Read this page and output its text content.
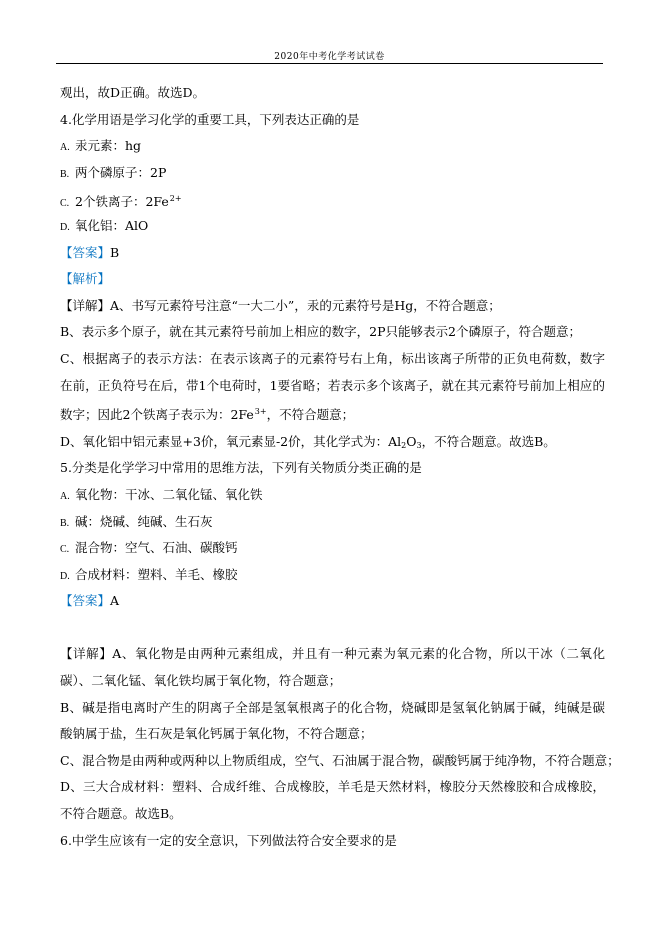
2020年中考化学考试试卷
观出，故D正确。故选D。
4.化学用语是学习化学的重要工具，下列表达正确的是
A. 汞元素：hg
B. 两个磷原子：2P
C. 2个铁离子：$2Fe^{2+}$
D. 氧化铝：AlO
【答案】B
【解析】
【详解】A、书写元素符号注意“一大二小”，汞的元素符号是Hg，不符合题意；
B、表示多个原子，就在其元素符号前加上相应的数字，2P只能够表示2个磷原子，符合题意；
C、根据离子的表示方法：在表示该离子的元素符号右上角，标出该离子所带的正负电荷数，数字在前，正负符号在后，带1个电荷时，1要省略；若表示多个该离子，就在其元素符号前加上相应的数字；因此2个铁离子表示为：$2Fe^{3+}$，不符合题意；
D、氧化铝中铝元素显+3价，氧元素显-2价，其化学式为：$Al_2O_3$，不符合题意。故选B。
5.分类是化学学习中常用的思维方法，下列有关物质分类正确的是
A. 氧化物：干冰、二氧化锰、氧化铁
B. 碱：烧碱、纯碱、生石灰
C. 混合物：空气、石油、碳酸钙
D. 合成材料：塑料、羊毛、橡胶
【答案】A
【详解】A、氧化物是由两种元素组成，并且有一种元素为氧元素的化合物，所以干冰（二氧化碳）、二氧化锰、氧化铁均属于氧化物，符合题意；
B、碱是指电离时产生的阴离子全部是氢氧根离子的化合物，烧碱即是氢氧化钠属于碱，纯碱是碳酸钠属于盐，生石灰是氧化钙属于氧化物，不符合题意；
C、混合物是由两种或两种以上物质组成，空气、石油属于混合物，碳酸钙属于纯净物，不符合题意；
D、三大合成材料：塑料、合成纤维、合成橡胶，羊毛是天然材料，橡胶分天然橡胶和合成橡胶，不符合题意。故选B。
6.中学生应该有一定的安全意识，下列做法符合安全要求的是
